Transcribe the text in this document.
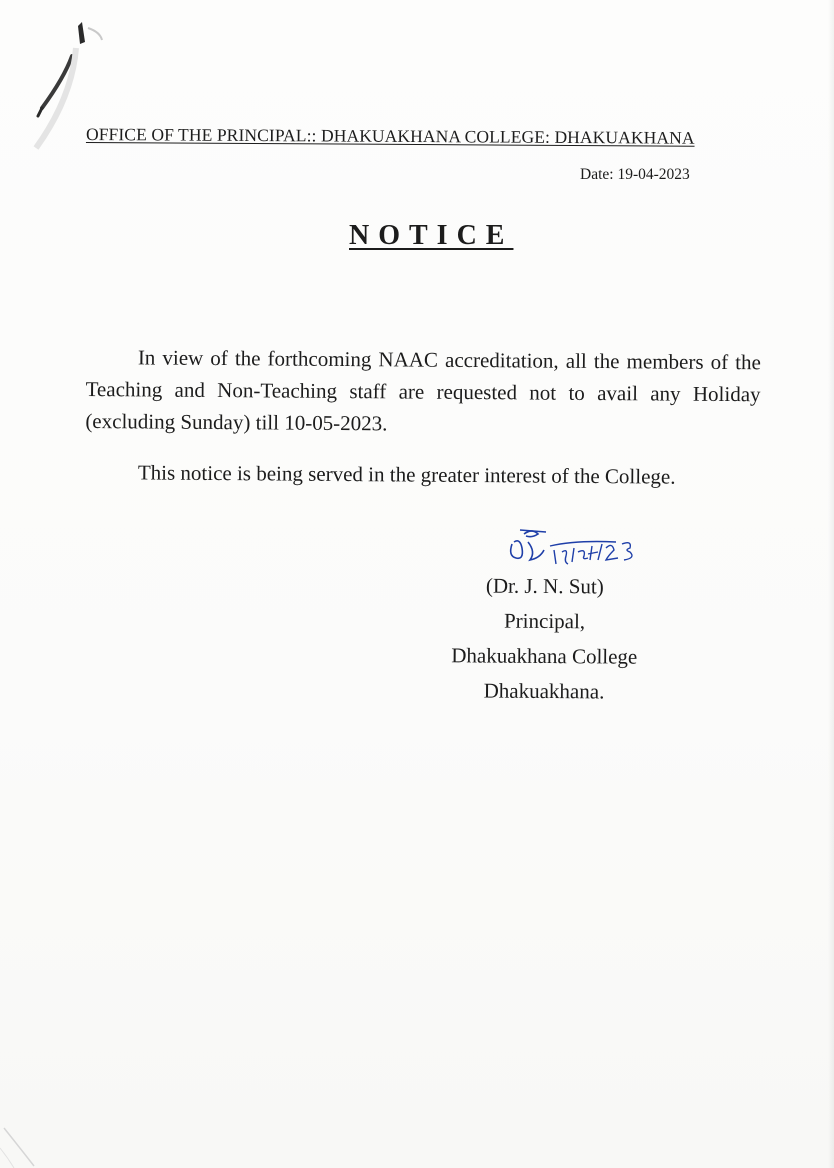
OFFICE OF THE PRINCIPAL:: DHAKUAKHANA COLLEGE: DHAKUAKHANA
Date: 19-04-2023
NOTICE

In view of the forthcoming NAAC accreditation, all the members of the Teaching and Non-Teaching staff are requested not to avail any Holiday (excluding Sunday) till 10-05-2023.

This notice is being served in the greater interest of the College.

(Dr. J. N. Sut)
Principal,
Dhakuakhana College
Dhakuakhana.
